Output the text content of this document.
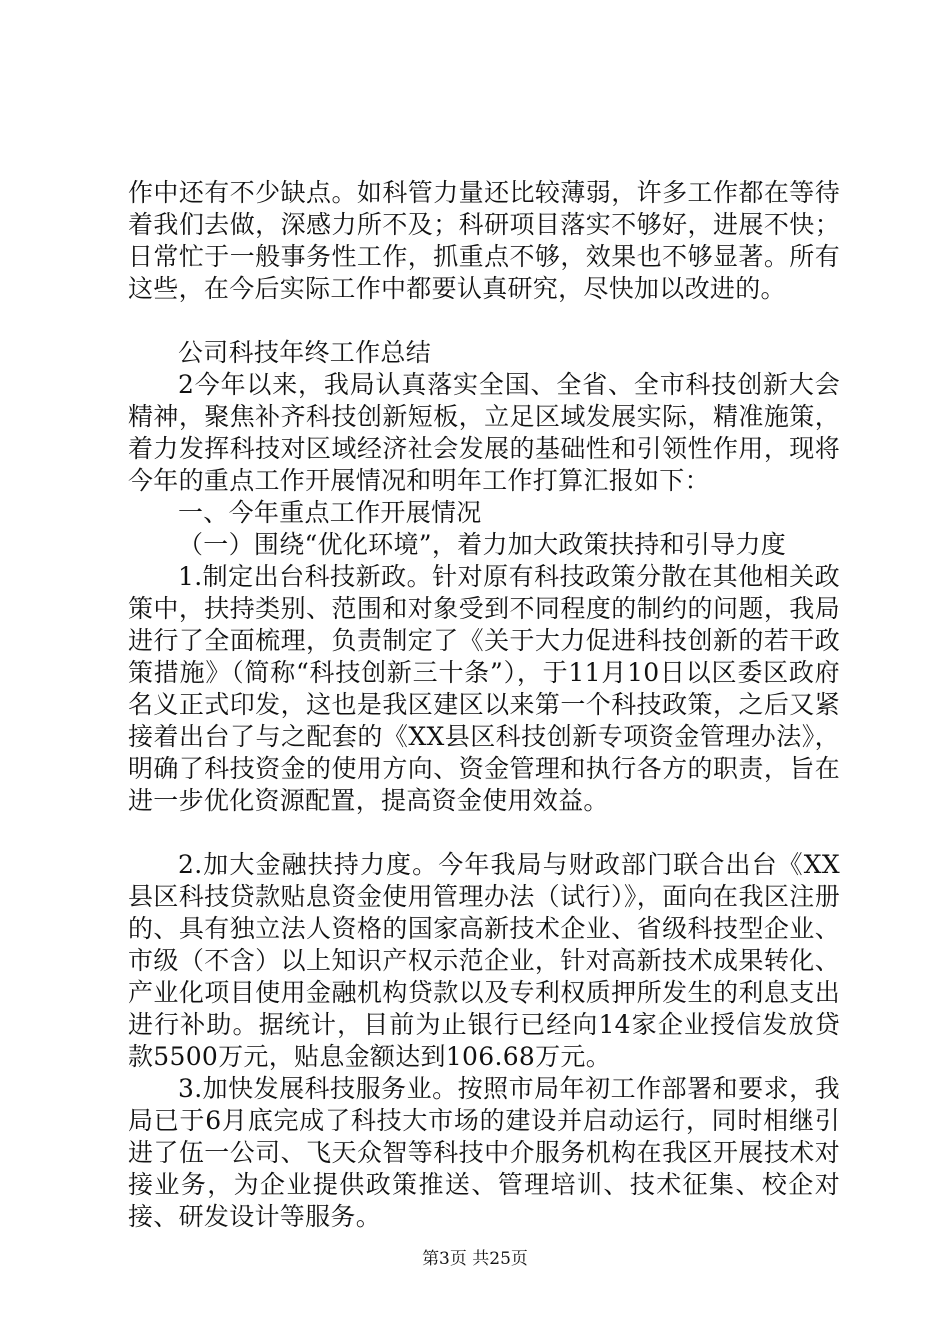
作中还有不少缺点。如科管力量还比较薄弱，许多工作都在等待着我们去做，深感力所不及；科研项目落实不够好，进展不快；日常忙于一般事务性工作，抓重点不够，效果也不够显著。所有这些，在今后实际工作中都要认真研究，尽快加以改进的。

公司科技年终工作总结

2今年以来，我局认真落实全国、全省、全市科技创新大会精神，聚焦补齐科技创新短板，立足区域发展实际，精准施策，着力发挥科技对区域经济社会发展的基础性和引领性作用，现将今年的重点工作开展情况和明年工作打算汇报如下：

一、今年重点工作开展情况

（一）围绕“优化环境”，着力加大政策扶持和引导力度

1.制定出台科技新政。针对原有科技政策分散在其他相关政策中，扶持类别、范围和对象受到不同程度的制约的问题，我局进行了全面梳理，负责制定了《关于大力促进科技创新的若干政策措施》（简称“科技创新三十条”），于11月10日以区委区政府名义正式印发，这也是我区建区以来第一个科技政策，之后又紧接着出台了与之配套的《XX县区科技创新专项资金管理办法》，明确了科技资金的使用方向、资金管理和执行各方的职责，旨在进一步优化资源配置，提高资金使用效益。

2.加大金融扶持力度。今年我局与财政部门联合出台《XX县区科技贷款贴息资金使用管理办法（试行）》，面向在我区注册的、具有独立法人资格的国家高新技术企业、省级科技型企业、市级（不含）以上知识产权示范企业，针对高新技术成果转化、产业化项目使用金融机构贷款以及专利权质押所发生的利息支出进行补助。据统计，目前为止银行已经向14家企业授信发放贷款5500万元，贴息金额达到106.68万元。

3.加快发展科技服务业。按照市局年初工作部署和要求，我局已于6月底完成了科技大市场的建设并启动运行，同时相继引进了伍一公司、飞天众智等科技中介服务机构在我区开展技术对接业务，为企业提供政策推送、管理培训、技术征集、校企对接、研发设计等服务。

第3页 共25页
